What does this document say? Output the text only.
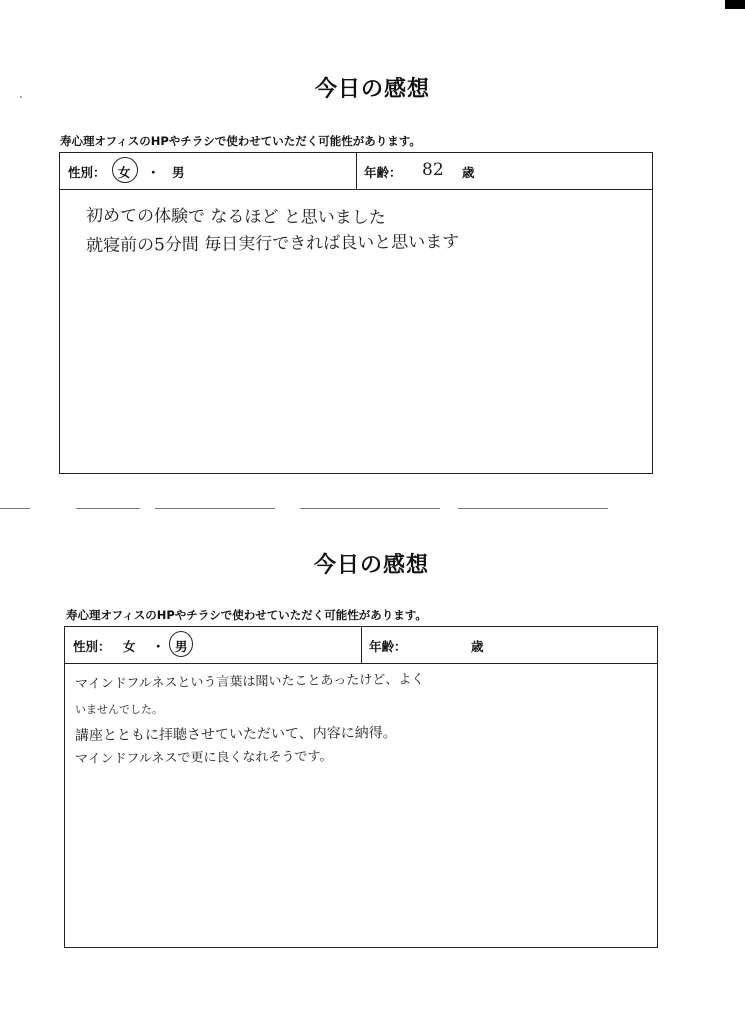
今日の感想
寿心理オフィスのHPやチラシで使わせていただく可能性があります。
性別： 女 ・ 男	年齢： 82 歳
初めての体験で なるほど と思いました
就寝前の5分間 毎日実行できれば良いと思います
今日の感想
寿心理オフィスのHPやチラシで使わせていただく可能性があります。
性別： 女 ・ 男	年齢：	歳
マインドフルネスという言葉は聞いたことあったけど、よく
いませんでした。
講座とともに拝聴させていただいて、内容に納得。
マインドフルネスで更に良くなれそうです。
